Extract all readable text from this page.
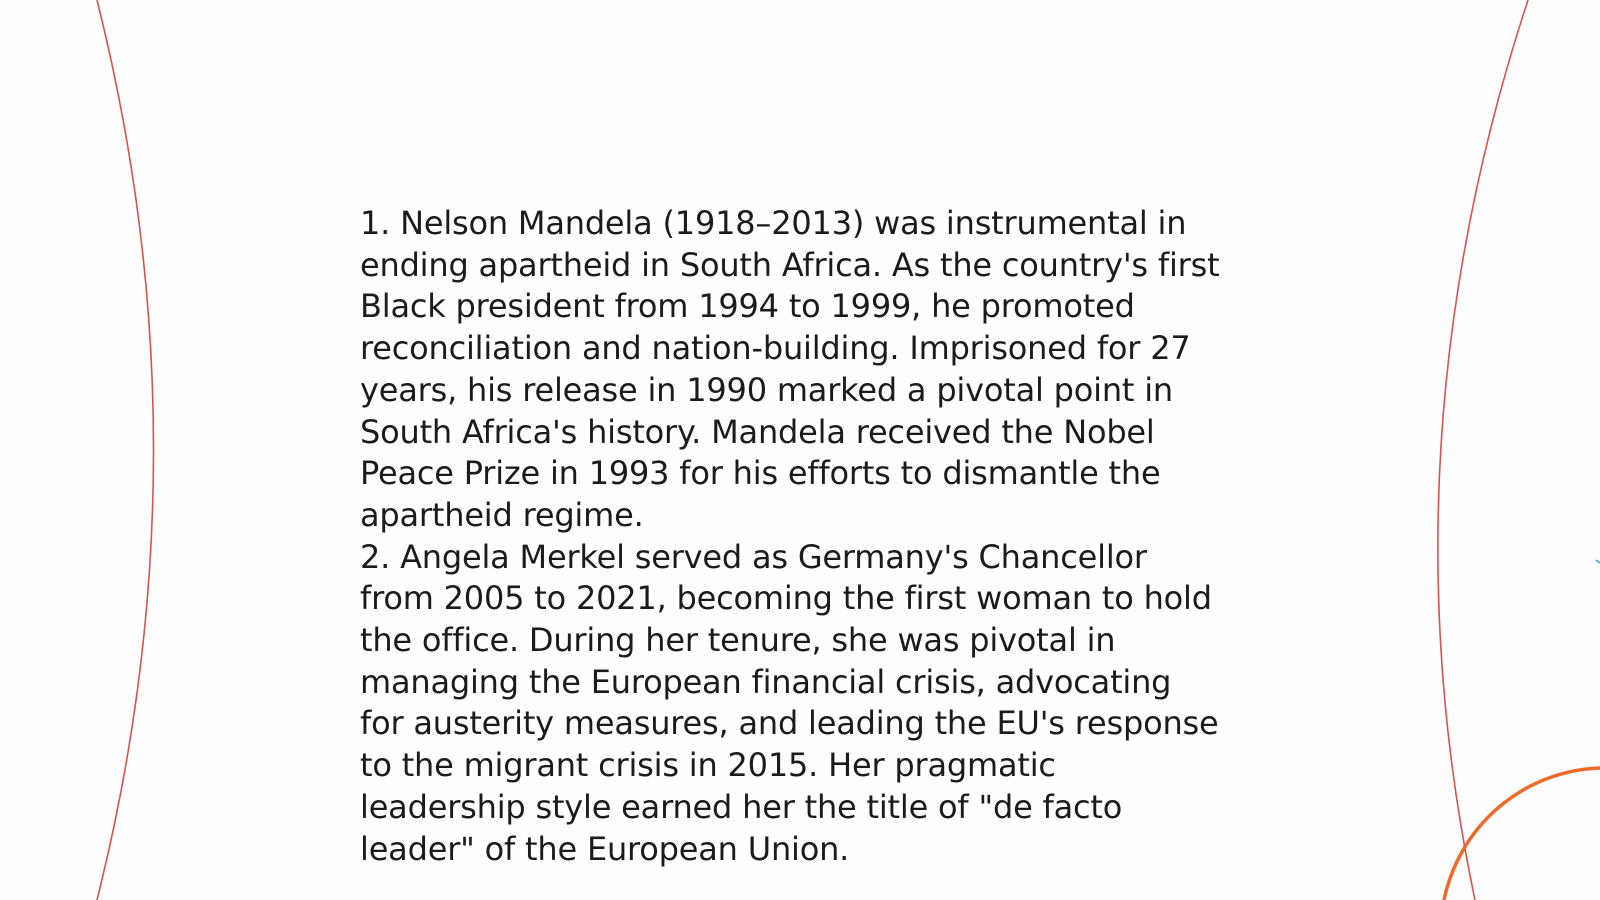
1. Nelson Mandela (1918–2013) was instrumental in
ending apartheid in South Africa. As the country's first
Black president from 1994 to 1999, he promoted
reconciliation and nation-building. Imprisoned for 27
years, his release in 1990 marked a pivotal point in
South Africa's history. Mandela received the Nobel
Peace Prize in 1993 for his efforts to dismantle the
apartheid regime.

2. Angela Merkel served as Germany's Chancellor
from 2005 to 2021, becoming the first woman to hold
the office. During her tenure, she was pivotal in
managing the European financial crisis, advocating
for austerity measures, and leading the EU's response
to the migrant crisis in 2015. Her pragmatic
leadership style earned her the title of "de facto
leader" of the European Union.
